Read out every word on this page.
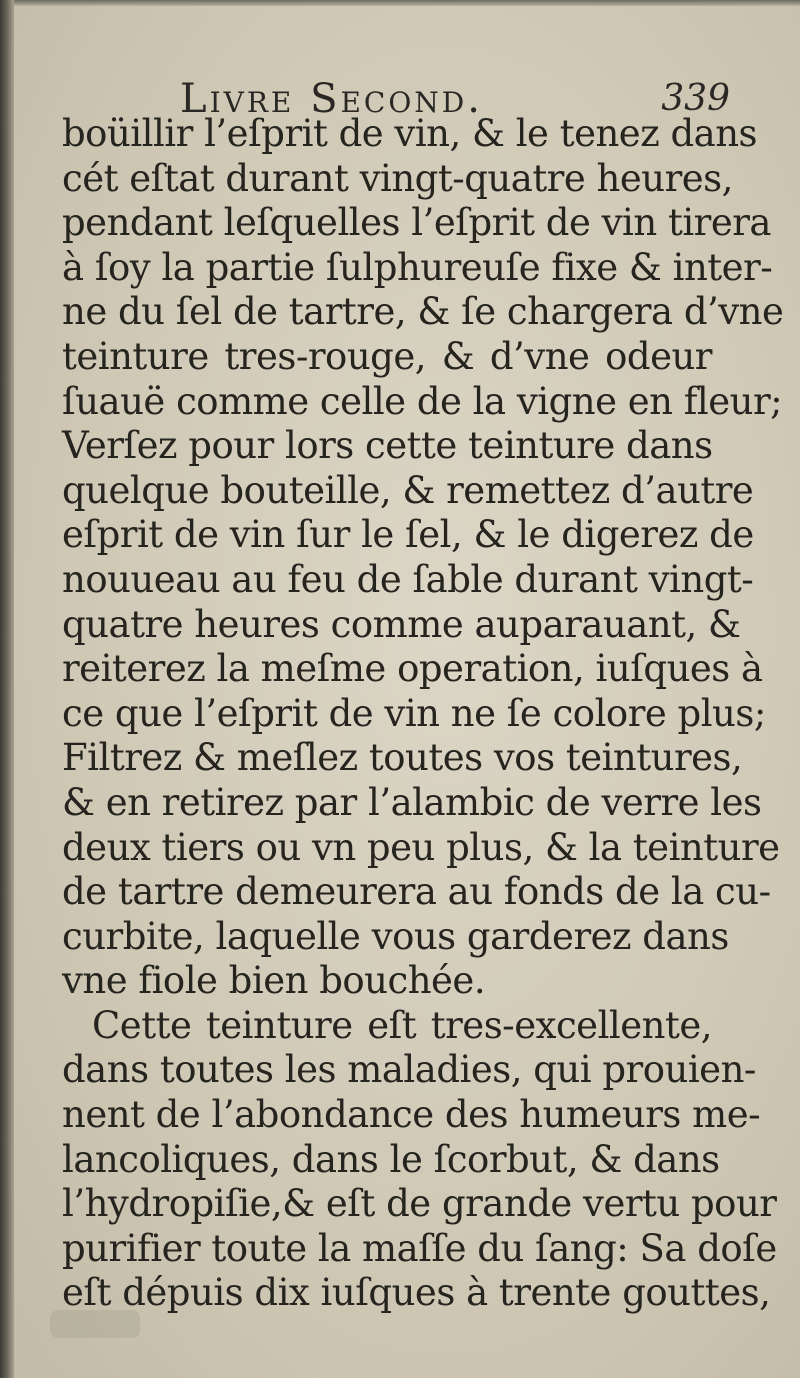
Livre Second.	339
boüillir l’eſprit de vin, & le tenez dans
cét eſtat durant vingt-quatre heures,
pendant leſquelles l’eſprit de vin tirera
à ſoy la partie ſulphureuſe fixe & inter-
ne du ſel de tartre, & ſe chargera d’vne
teinture tres-rouge, & d’vne odeur
ſuauë comme celle de la vigne en fleur;
Verſez pour lors cette teinture dans
quelque bouteille, & remettez d’autre
eſprit de vin ſur le ſel, & le digerez de
nouueau au feu de ſable durant vingt-
quatre heures comme auparauant, &
reiterez la meſme operation, iuſques à
ce que l’eſprit de vin ne ſe colore plus;
Filtrez & meſlez toutes vos teintures,
& en retirez par l’alambic de verre les
deux tiers ou vn peu plus, & la teinture
de tartre demeurera au fonds de la cu-
curbite, laquelle vous garderez dans
vne fiole bien bouchée.
Cette teinture eſt tres-excellente,
dans toutes les maladies, qui prouien-
nent de l’abondance des humeurs me-
lancoliques, dans le ſcorbut, & dans
l’hydropiſie,& eſt de grande vertu pour
purifier toute la maſſe du ſang: Sa doſe
eſt dépuis dix iuſques à trente gouttes,
